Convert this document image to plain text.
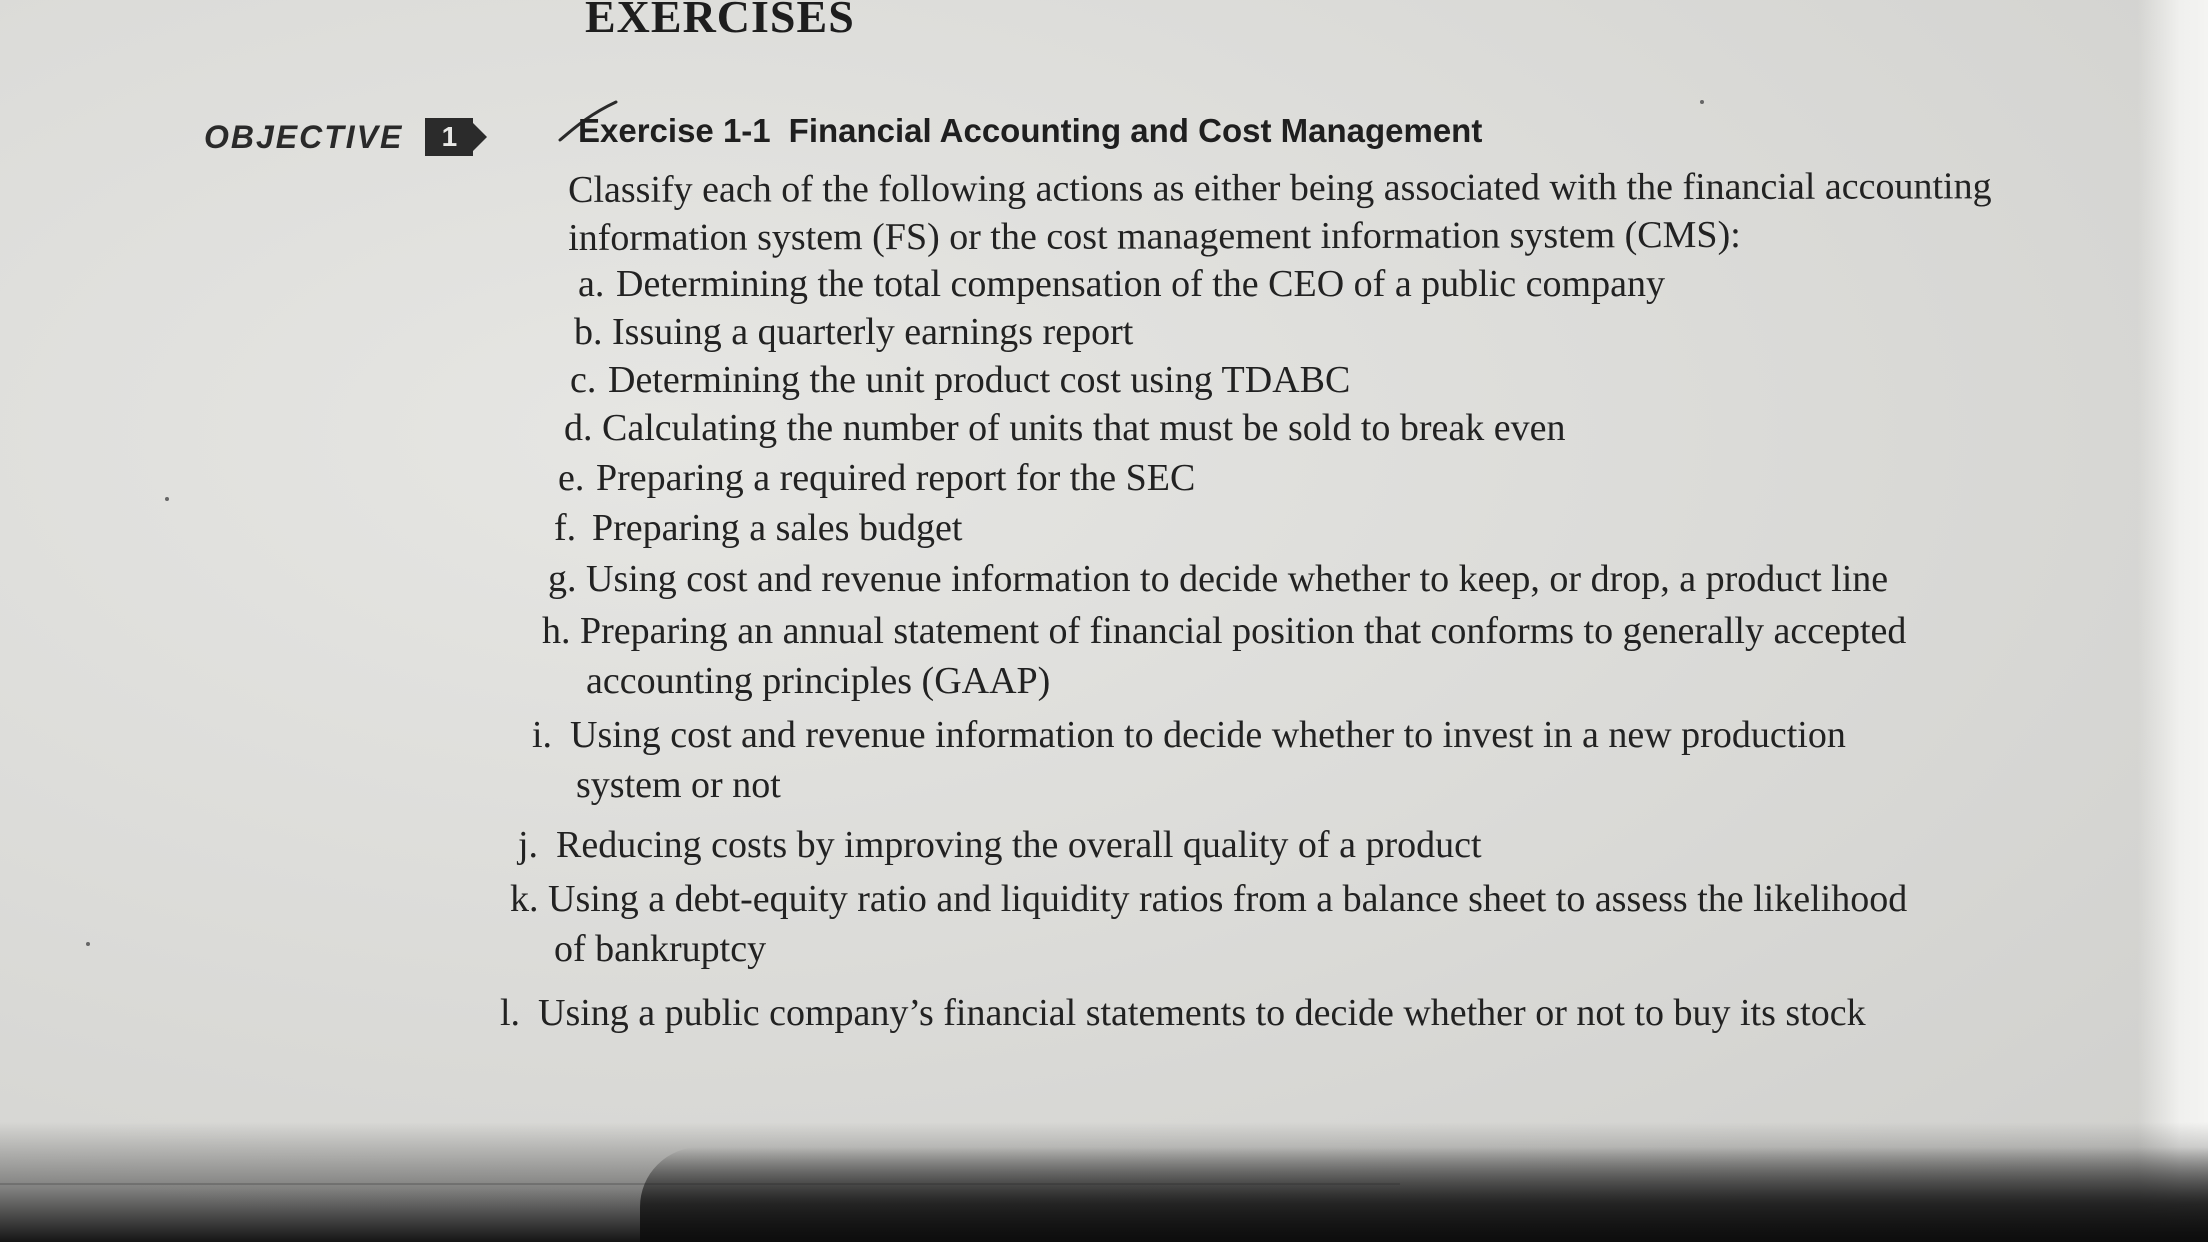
EXERCISES
OBJECTIVE	1	Exercise 1-1 Financial Accounting and Cost Management
Classify each of the following actions as either being associated with the financial accounting information system (FS) or the cost management information system (CMS):
a. Determining the total compensation of the CEO of a public company
b. Issuing a quarterly earnings report
c. Determining the unit product cost using TDABC
d. Calculating the number of units that must be sold to break even
e. Preparing a required report for the SEC
f. Preparing a sales budget
g. Using cost and revenue information to decide whether to keep, or drop, a product line
h. Preparing an annual statement of financial position that conforms to generally accepted
accounting principles (GAAP)
i. Using cost and revenue information to decide whether to invest in a new production
system or not
j. Reducing costs by improving the overall quality of a product
k. Using a debt-equity ratio and liquidity ratios from a balance sheet to assess the likelihood
of bankruptcy
l. Using a public company’s financial statements to decide whether or not to buy its stock
